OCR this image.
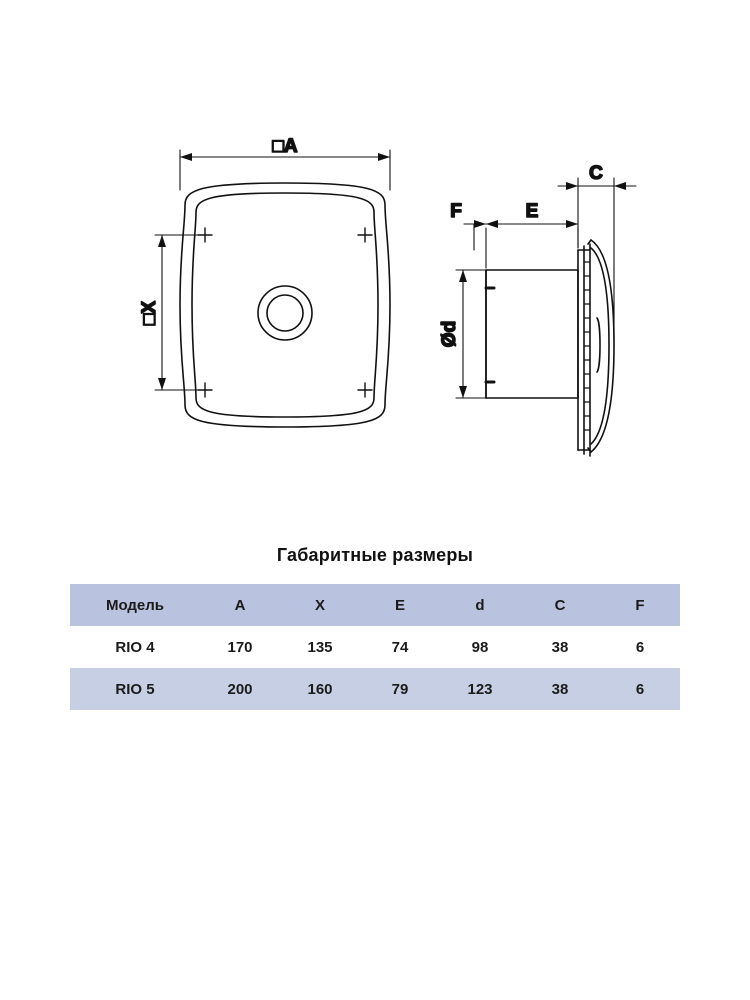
□A
□X
Ød
C
E
F
Габаритные размеры
Модель	A	X	E	d	C	F
RIO 4	170	135	74	98	38	6
RIO 5	200	160	79	123	38	6
